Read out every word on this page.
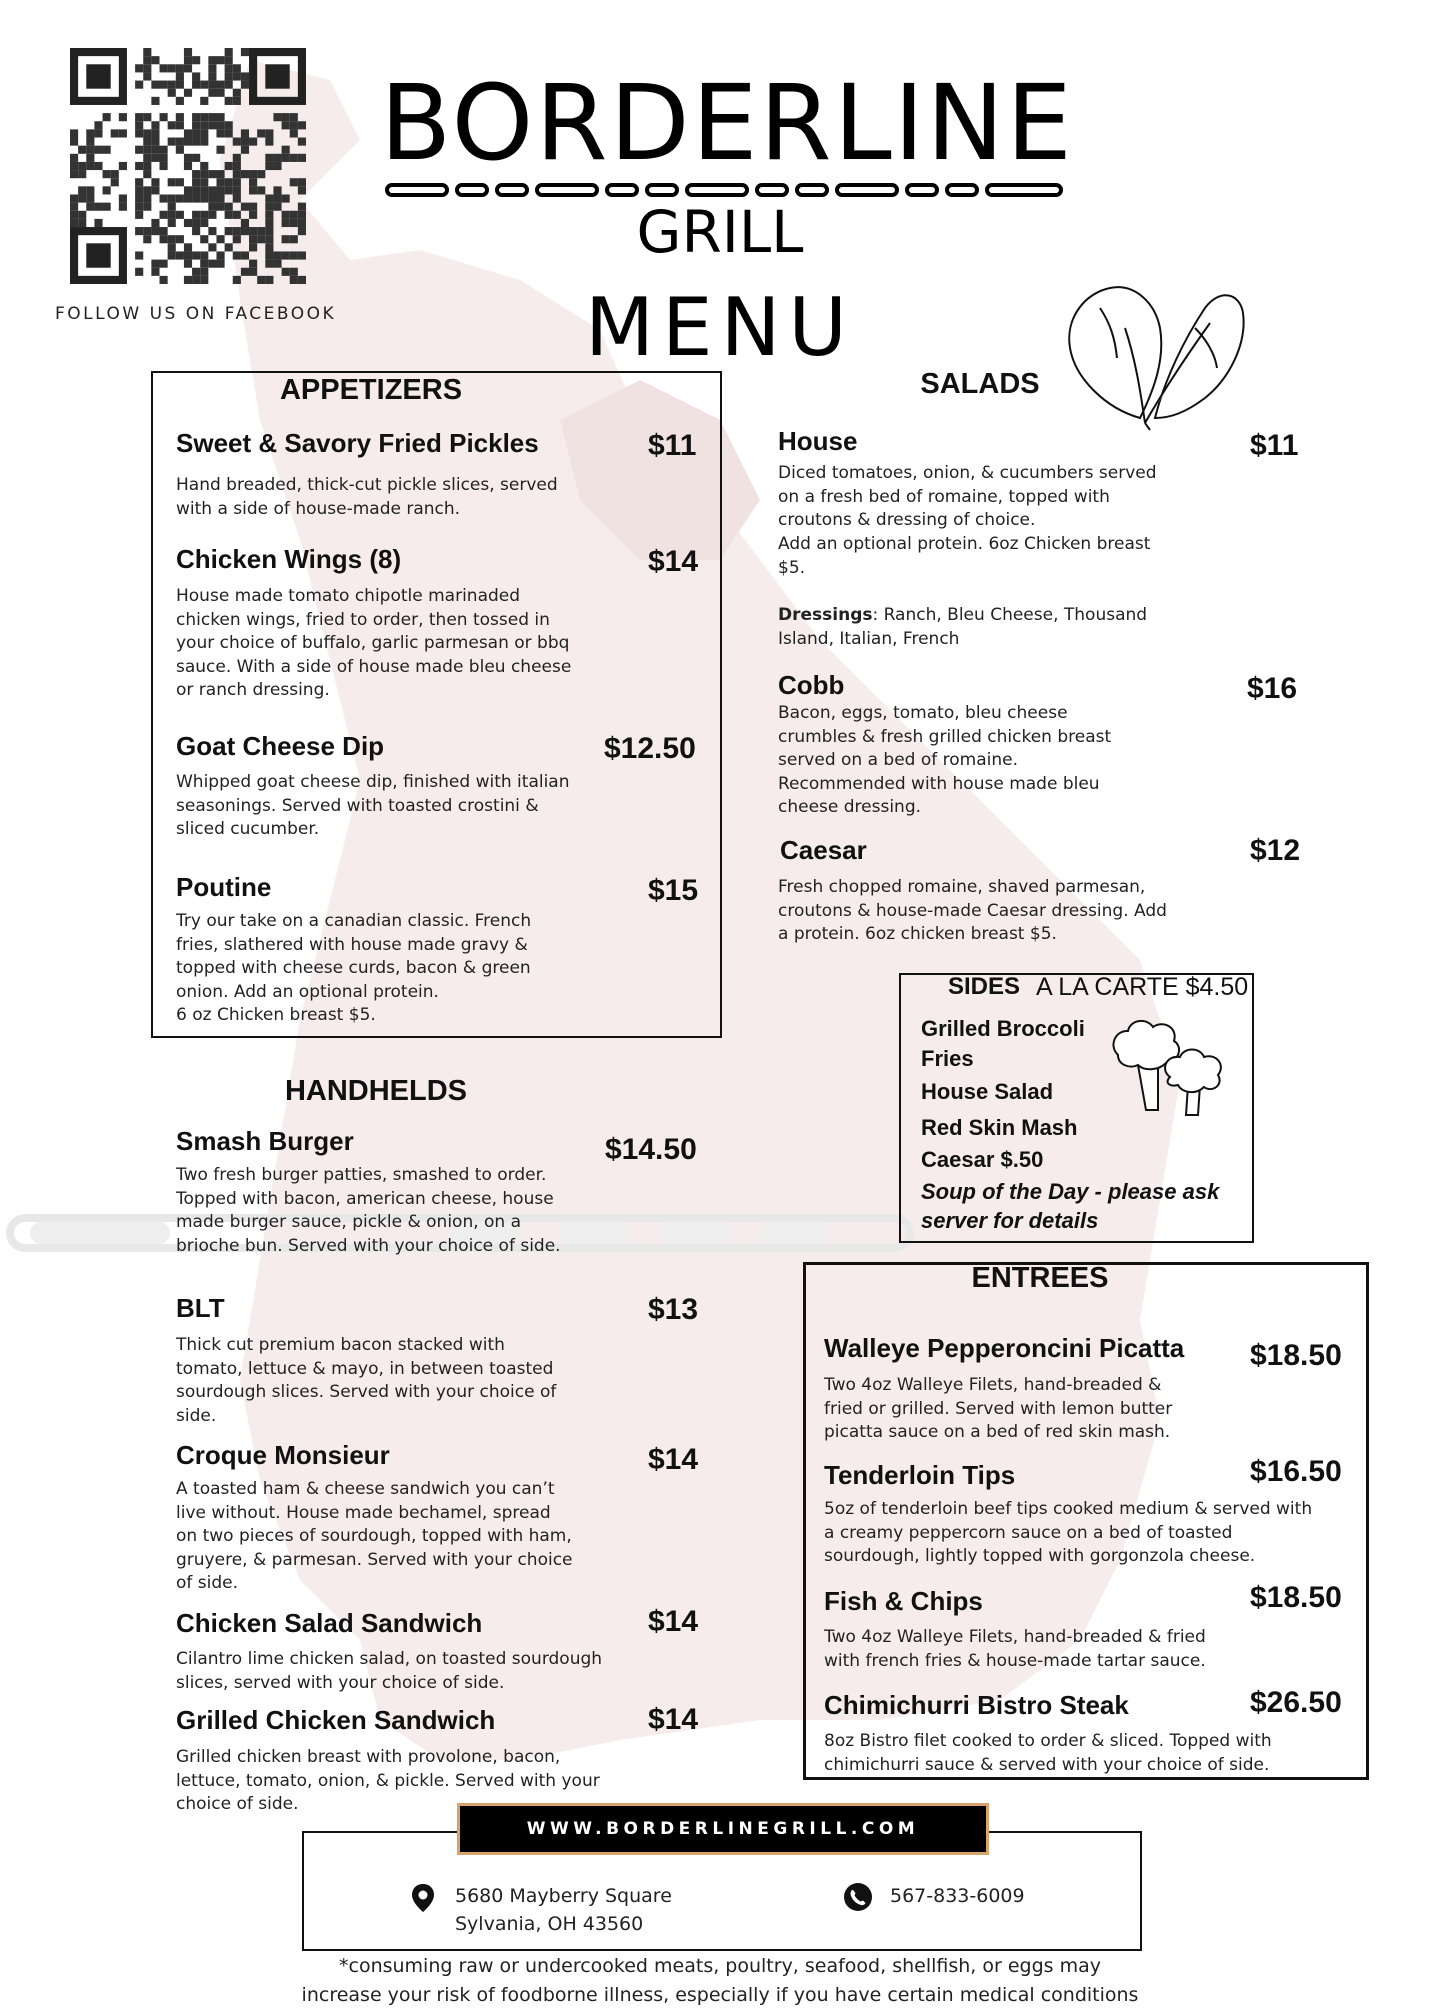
FOLLOW US ON FACEBOOK
BORDERLINE
GRILL
MENU
APPETIZERS
Sweet & Savory Fried Pickles	$11
Hand breaded, thick-cut pickle slices, served with a side of house-made ranch.
Chicken Wings (8)	$14
House made tomato chipotle marinaded chicken wings, fried to order, then tossed in your choice of buffalo, garlic parmesan or bbq sauce. With a side of house made bleu cheese or ranch dressing.
Goat Cheese Dip	$12.50
Whipped goat cheese dip, finished with italian seasonings. Served with toasted crostini & sliced cucumber.
Poutine	$15
Try our take on a canadian classic. French fries, slathered with house made gravy & topped with cheese curds, bacon & green onion. Add an optional protein.
6 oz Chicken breast $5.
HANDHELDS
Smash Burger	$14.50
Two fresh burger patties, smashed to order. Topped with bacon, american cheese, house made burger sauce, pickle & onion, on a brioche bun. Served with your choice of side.
BLT	$13
Thick cut premium bacon stacked with tomato, lettuce & mayo, in between toasted sourdough slices. Served with your choice of side.
Croque Monsieur	$14
A toasted ham & cheese sandwich you can’t live without. House made bechamel, spread on two pieces of sourdough, topped with ham, gruyere, & parmesan. Served with your choice of side.
Chicken Salad Sandwich	$14
Cilantro lime chicken salad, on toasted sourdough slices, served with your choice of side.
Grilled Chicken Sandwich	$14
Grilled chicken breast with provolone, bacon, lettuce, tomato, onion, & pickle. Served with your choice of side.
SALADS
House	$11
Diced tomatoes, onion, & cucumbers served on a fresh bed of romaine, topped with croutons & dressing of choice.
Add an optional protein. 6oz Chicken breast $5.
Dressings: Ranch, Bleu Cheese, Thousand Island, Italian, French
Cobb	$16
Bacon, eggs, tomato, bleu cheese crumbles & fresh grilled chicken breast served on a bed of romaine. Recommended with house made bleu cheese dressing.
Caesar	$12
Fresh chopped romaine, shaved parmesan, croutons & house-made Caesar dressing. Add a protein. 6oz chicken breast $5.
SIDES A LA CARTE $4.50
Grilled Broccoli
Fries
House Salad
Red Skin Mash
Caesar $.50
Soup of the Day - please ask server for details
ENTREES
Walleye Pepperoncini Picatta $18.50
Two 4oz Walleye Filets, hand-breaded & fried or grilled. Served with lemon butter picatta sauce on a bed of red skin mash.
Tenderloin Tips	$16.50
5oz of tenderloin beef tips cooked medium & served with a creamy peppercorn sauce on a bed of toasted sourdough, lightly topped with gorgonzola cheese.
Fish & Chips	$18.50
Two 4oz Walleye Filets, hand-breaded & fried with french fries & house-made tartar sauce.
Chimichurri Bistro Steak	$26.50
8oz Bistro filet cooked to order & sliced. Topped with chimichurri sauce & served with your choice of side.
WWW.BORDERLINEGRILL.COM
5680 Mayberry Square
Sylvania, OH 43560
567-833-6009
*consuming raw or undercooked meats, poultry, seafood, shellfish, or eggs may
increase your risk of foodborne illness, especially if you have certain medical conditions
